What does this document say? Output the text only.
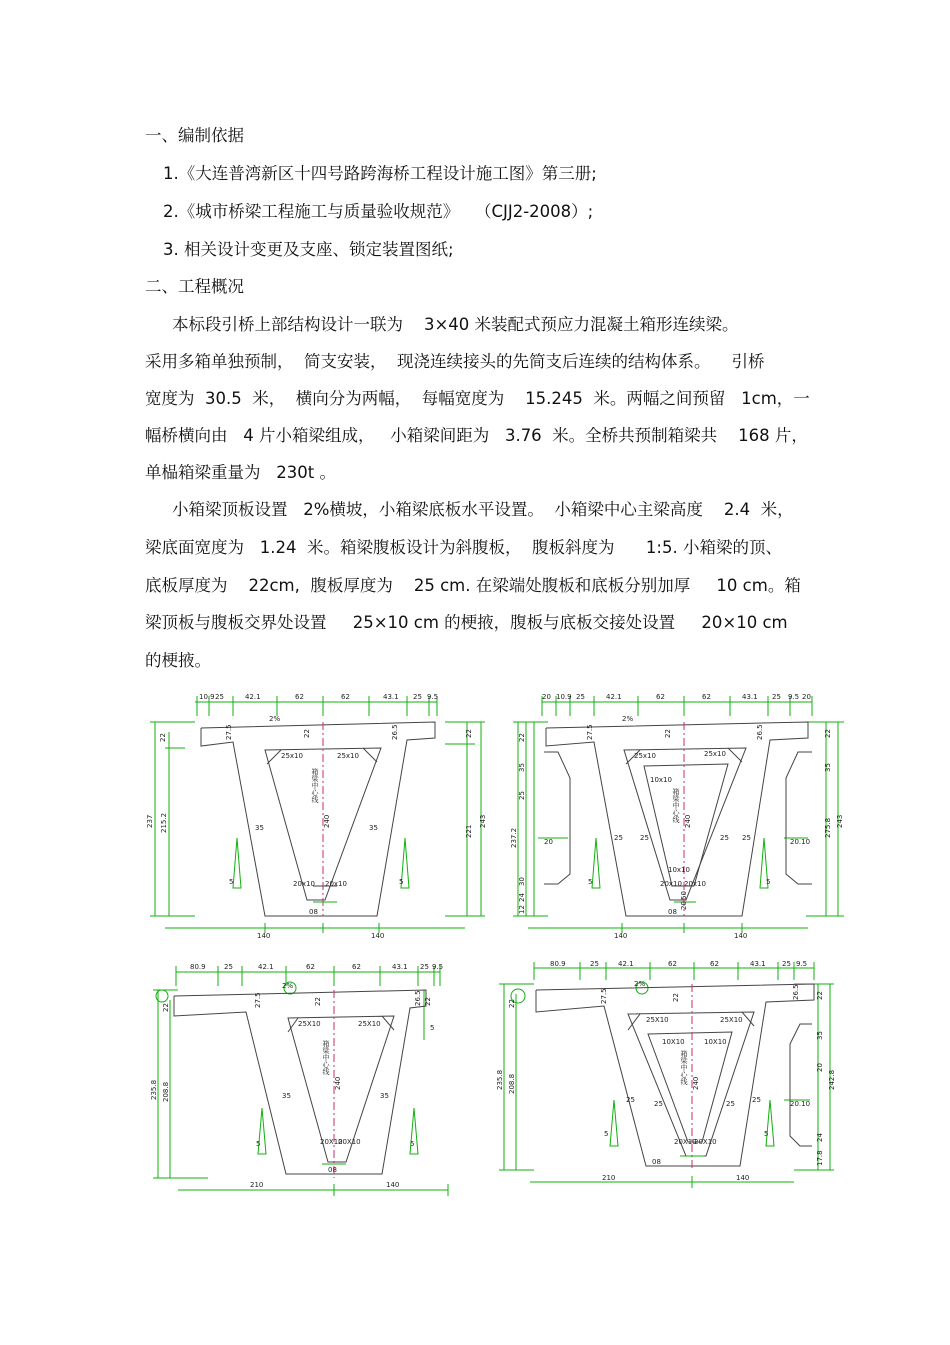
一、编制依据
1.《大连普湾新区十四号路跨海桥工程设计施工图》第三册;
2.《城市桥梁工程施工与质量验收规范》   （CJJ2-2008）;
3. 相关设计变更及支座、锁定装置图纸;
二、工程概况
本标段引桥上部结构设计一联为    3×40 米装配式预应力混凝土箱形连续梁。
采用多箱单独预制，  简支安装，  现浇连续接头的先简支后连续的结构体系。    引桥
宽度为  30.5  米，  横向分为两幅，  每幅宽度为    15.245  米。两幅之间预留   1cm，一
幅桥横向由   4 片小箱梁组成，   小箱梁间距为   3.76  米。全桥共预制箱梁共    168 片，
单榀箱梁重量为   230t 。
小箱梁顶板设置   2%横坡，小箱梁底板水平设置。  小箱梁中心主梁高度    2.4  米，
梁底面宽度为   1.24  米。箱梁腹板设计为斜腹板，  腹板斜度为      1:5. 小箱梁的顶、
底板厚度为    22cm,  腹板厚度为    25 cm. 在梁端处腹板和底板分别加厚     10 cm。箱
梁顶板与腹板交界处设置     25×10 cm 的梗掖，腹板与底板交接处设置     20×10 cm
的梗掖。
10.9 25	42.1	62	62	43.1 25 9.5
140	140
237
22
215.2
22
221
243
2%
27.5	22	26.5
25x10	25x10
35	35
20x10 20x10
08
5	5
箱梁中心线
240
20 10.9 25	42.1	62	62	43.1 25 9.5 20
140	140
237.2
22
35
25
20
30
24
12
22
35
20.10
275.8 243
2%
27.5	22	26.5
25x10	25x10
10x10
10x10
25 25	25 25
20x10 20x10
08
5	5
箱梁中心线 240
50
20
80.9	25	42.1	62	62	43.1 25 9.5
210	140
22
235.8 208.8
22
5
2%
27.5	22	26.5
25X10	25X10
35	35
20X10
20X10
08
5	5
箱梁中心线
240
80.9	25	42.1	62	62	43.1 25 9.5
210	140
22
235.8 208.8
22
35
20
20.10
24
242.8
17.8
2%
27.5	22	26.5
25X10	25X10
10X10	10X10
25	25	25 25
20X10
20X10
08
5	5
箱梁中心线 240
